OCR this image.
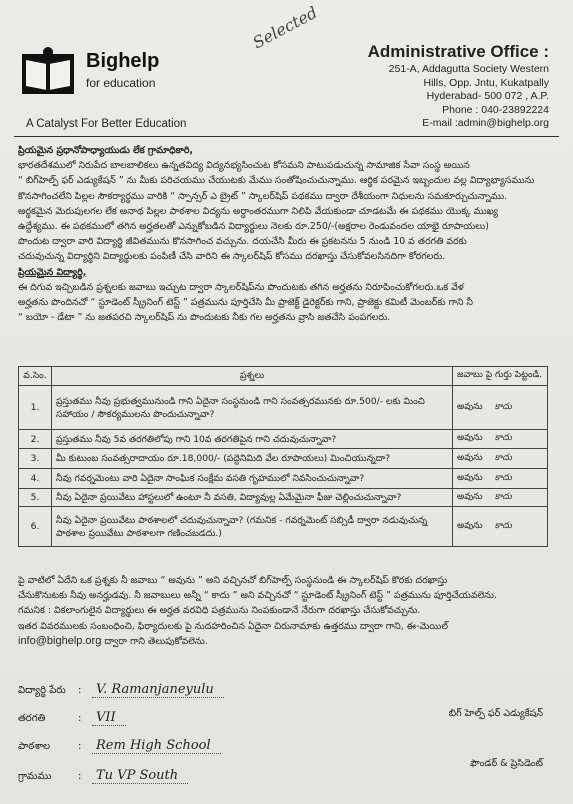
Bighelp
for education
A Catalyst For Better Education
Selected	Administrative Office :
251-A, Addagutta Society Western
Hills, Opp. Jntu, Kukatpally
Hyderabad- 500 072 , A.P.
Phone : 040-23892224
E-mail :admin@bighelp.org

ప్రియమైన ప్రధానోపాధ్యాయుడు లేక గ్రామాధికారి,

భారతదేశములో నిరుపేద బాలబాలికలు ఉన్నతవిద్య విద్యనభ్యసించుట కోసమని పాటుపడుచున్న సామాజిక సేవా సంస్థ అయిన

“ బిగ్‌హెల్ప్ ఫర్ ఎడ్యుకేషన్ ” ను మీకు పరిచయము చేయుటకు మేము సంతోషించుచున్నాము. ఆర్థిక పరమైన ఇబ్బందుల వల్ల విద్యాభ్యాసమును

కొనసాగించలేని పిల్లల సౌకర్యార్థము వారికి “ స్పాన్సర్ ఎ బ్రైట్ ” స్కాలర్‌షిప్ పథకము ద్వారా దేశీయంగా నిధులను సమకూర్చుచున్నాము.

అర్థకమైన మెరుపులగల లేక అనాథ పిల్లల పాఠశాల విద్యను అర్ధాంతరముగా నిలిపి వేయకుండా చూడటమే ఈ పథకము యొక్క ముఖ్య

ఉద్దేశ్యము. ఈ పథకములో తగిన అర్హతలతో ఎన్నుకోబడిన విద్యార్థులు నెలకు రూ.250/-(అక్షరాల రెండువందల యాభై రూపాయలు)

పొందుట ద్వారా వారి విద్యార్థి జీవితమును కొనసాగించ వచ్చును. దయచేసి మీరు ఈ ప్రకటనను 5 నుండి 10 వ తరగతి వరకు

చదువుచున్న విద్యార్థిని విద్యార్థులకు పంపిణీ చేసి వారిని ఈ స్కాలర్‌షిప్ కోసము దరఖాస్తు చేసుకోవలసినదిగా కోరగలరు.

ప్రియమైన విద్యార్థి,

ఈ దిగువ ఇచ్చిబడిన ప్రశ్నలకు జవాబు ఇచ్చుట ద్వారా స్కాలర్‌షిప్‌ను పొందుటకు తగిన అర్హతను నిరూపించుకోగలరు.ఒక వేళ

అర్హతను పొందినచో “ స్టూడెంట్ స్క్రీనింగ్ టెస్ట్ ” పత్రమును పూర్తిచేసి మీ ప్రాజెక్ట్ డైరెక్టర్‌కు గాని, ప్రాజెక్టు కమిటీ మెంబర్‌కు గాని నీ

“ బయో - డేటా ” ను జతపరచి స్కాలర్‌షిప్ ను పొందుటకు నీకు గల అర్హతను వ్రాసి జతచేసి పంపగలరు.

వ.సెం.	ప్రశ్నలు	జవాబు పై గుర్తు పెట్టండి.
1.	ప్రస్తుతము నీవు ప్రభుత్వమునుండి గాని ఏదైనా సంస్థనుండి గాని సంవత్సరమునకు రూ.500/- లకు మించి సహాయం / సౌకర్యములను పొందుచున్నావా?	అవును కాదు
2.	ప్రస్తుతము నీవు 5వ తరగతిలోపు గాని 10వ తరగతిపైన గాని చదువుచున్నావా?	అవును కాదు
3.	మీ కుటుంబ సంవత్సరాదాయం రూ.18,000/- (పద్దెనిమిది వేల రూపాయలు) మించియున్నదా?	అవును కాదు
4.	నీవు గవర్నమెంటు వారి ఏదైనా సాంఘిక సంక్షేమ వసతి గృహములో నివసించుచున్నావా?	అవును కాదు
5.	నీవు ఏదైనా ప్రయివేటు హాస్టలులో ఉంటూ నీ వసతి, విద్యావుల్ల ఏమేమైనా ఫీజు చెల్లించుచున్నావా?	అవును కాదు
6.	నీవు ఏదైనా ప్రయివేటు పాఠశాలలో చదువుచున్నావా? (గమనిక - గవర్నమెంట్ సబ్సిడీ ద్వారా నడువుచున్న పాఠశాల ప్రయివేటు పాఠశాలగా గణించబడదు.)	అవును కాదు

పై వాటిలో ఏదేని ఒక ప్రశ్నకు నీ జవాబు “ అవును ” అని వచ్చినచో బిగ్‌హెల్ప్ సంస్థనుండి ఈ స్కాలర్‌షిప్ కొరకు దరఖాస్తు

చేసుకొనుటకు నీవు అనర్హుడవు. నీ జవాబులు అన్నీ “ కాదు ” అని వచ్చినచో “ స్టూడెంట్ స్క్రీనింగ్ టెస్ట్ ” పత్రమును పూర్తిచేయవలెను.

గమనిక : వికలాంగులైన విద్యార్థులు ఈ అర్హత వరవిధి పత్రమును నింపకుండానే నేరుగా దరఖాస్తు చేసుకోవచ్చును.

ఇతర వివరములకు సంబంధించి, ఫిర్యాదులకు పై నుదహరించిన ఏదైనా చిరునామాకు ఉత్తరము ద్వారా గాని, ఈ-మెయిల్

info@bighelp.org ద్వారా గాని తెలుపుకోవలెను.

విద్యార్థి పేరు : V. Ramanjaneyulu
తరగతి	: VII
పాఠశాల	: Rem High School
గ్రామము	: Tu VP South
బిగ్ హెల్ప్ ఫర్ ఎడ్యుకేషన్
ఫౌండర్ & ప్రెసిడెంట్
